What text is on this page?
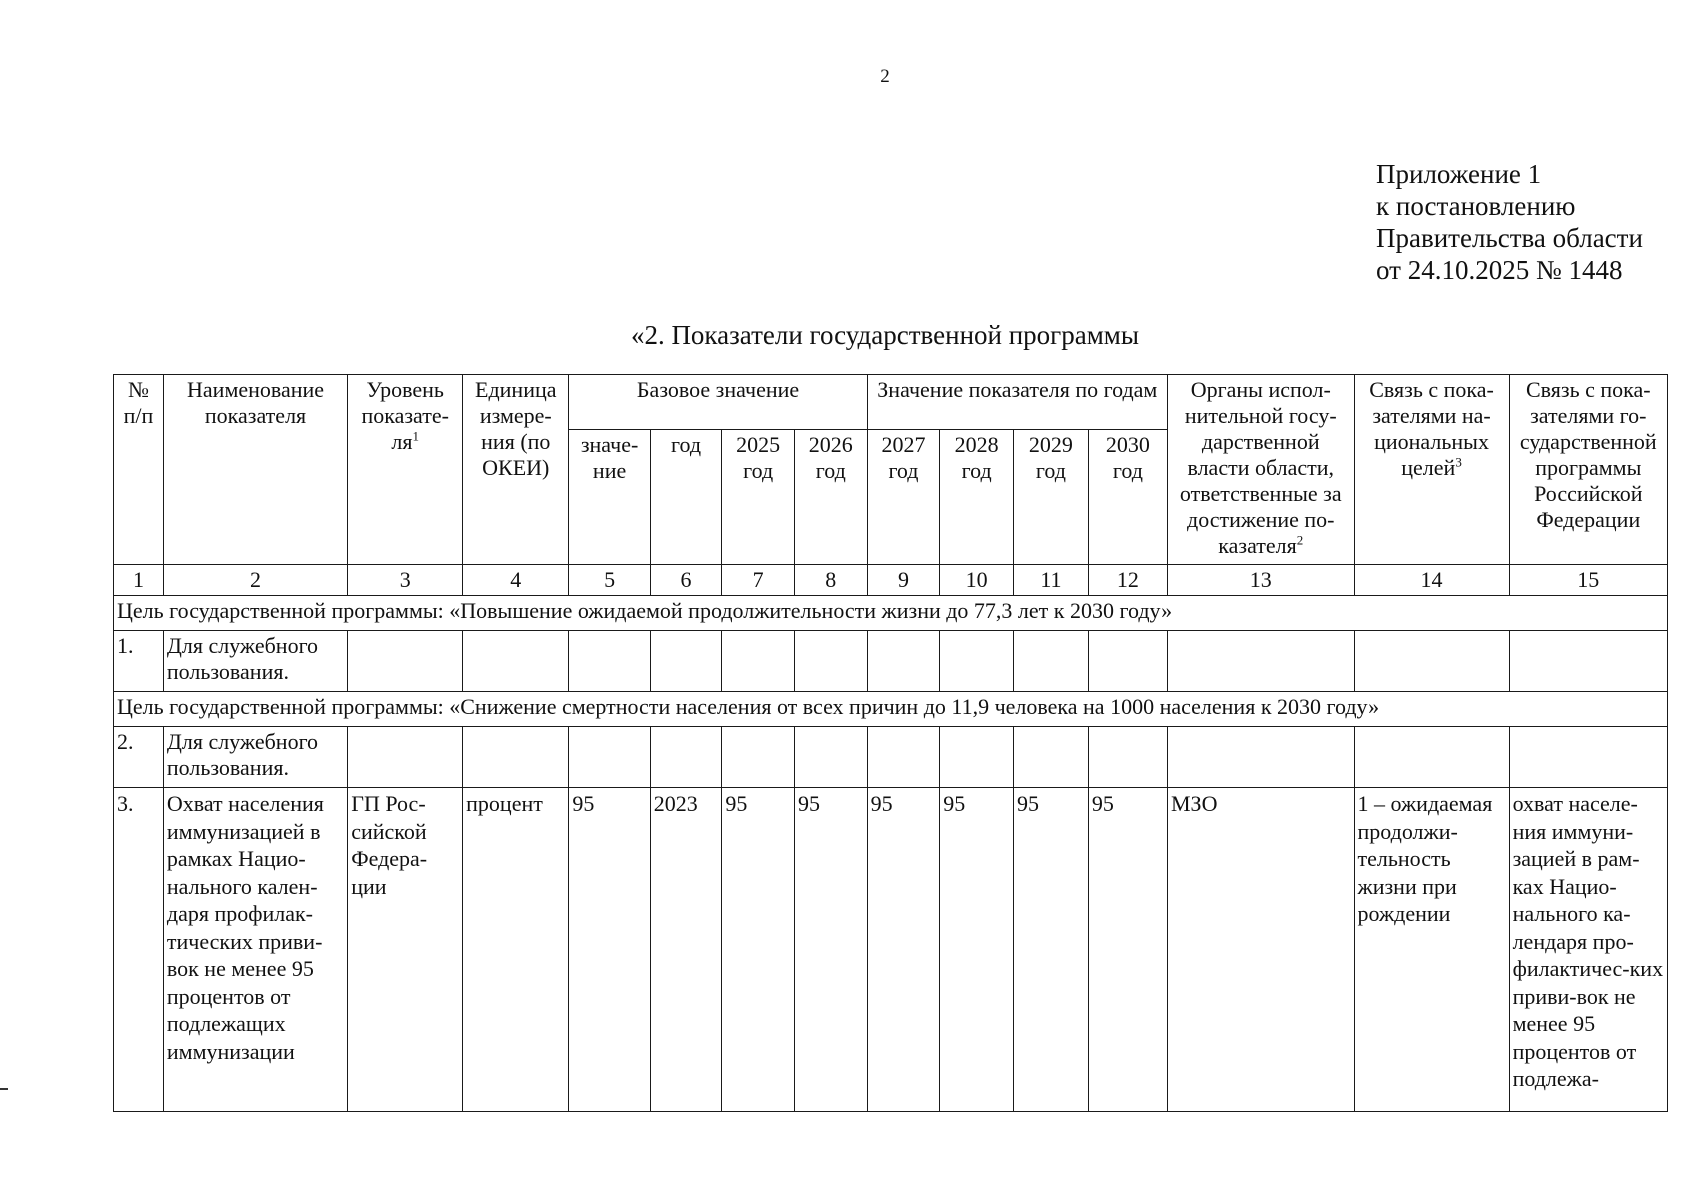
2
Приложение 1
к постановлению
Правительства области
от 24.10.2025 № 1448
«2. Показатели государственной программы
№ п/п	Наименование показателя	Уровень показате-$ля^1$	Единица измере-ния (по ОКЕИ)	Базовое значение				Значение показателя по годам				Органы испол-нительной госу-дарственной власти области, ответственные за достижение по-казателя$^2$	Связь с пока-зателями на-циональных целей$^3$	Связь с пока-зателями го-сударственной программы Российской Федерации
				значе-ние	год	2025 год	2026 год	2027 год	2028 год	2029 год	2030 год			
1	2	3	4	5	6	7	8	9	10	11	12	13	14	15
Цель государственной программы: «Повышение ожидаемой продолжительности жизни до 77,3 лет к 2030 году»														
1.	Для служебного пользования.													
Цель государственной программы: «Снижение смертности населения от всех причин до 11,9 человека на 1000 населения к 2030 году»														
2.	Для служебного пользования.													
3.	Охват населения иммунизацией в рамках Нацио-нального кален-даря профилак-тических приви-вок не менее 95 процентов от подлежащих иммунизации	ГП Рос-сийской Федера-ции	процент	95	2023	95	95	95	95	95	95	МЗО	1 – ожидаемая продолжи-тельность жизни при рождении	охват населе-ния иммуни-зацией в рам-ках Нацио-нального ка-лендаря про-филактичес-ких приви-вок не менее 95 процентов от подлежа-
